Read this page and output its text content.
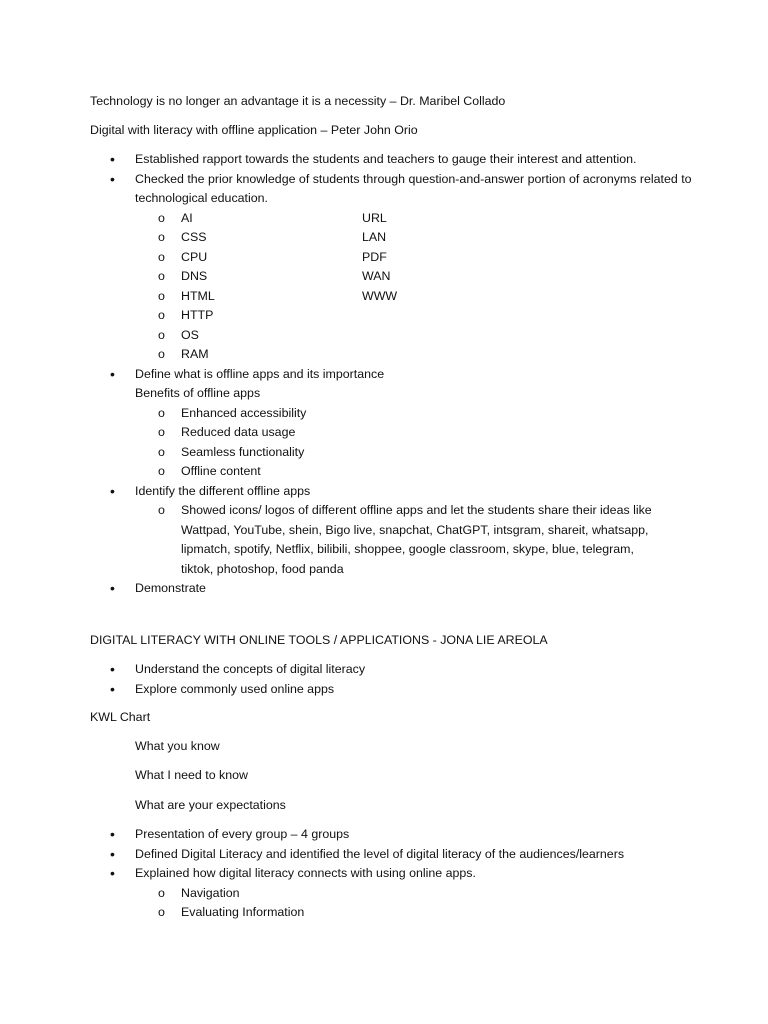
Technology is no longer an advantage it is a necessity – Dr. Maribel Collado

Digital with literacy with offline application – Peter John Orio

• Established rapport towards the students and teachers to gauge their interest and attention.
• Checked the prior knowledge of students through question-and-answer portion of acronyms related to technological education.
o AI	URL
o CSS	LAN
o CPU	PDF
o DNS	WAN
o HTML	WWW
o HTTP
o OS
o RAM
• Define what is offline apps and its importance
Benefits of offline apps
o Enhanced accessibility
o Reduced data usage
o Seamless functionality
o Offline content
• Identify the different offline apps
o Showed icons/ logos of different offline apps and let the students share their ideas like Wattpad, YouTube, shein, Bigo live, snapchat, ChatGPT, intsgram, shareit, whatsapp, lipmatch, spotify, Netflix, bilibili, shoppee, google classroom, skype, blue, telegram, tiktok, photoshop, food panda
• Demonstrate

DIGITAL LITERACY WITH ONLINE TOOLS / APPLICATIONS - JONA LIE AREOLA

• Understand the concepts of digital literacy
• Explore commonly used online apps

KWL Chart

What you know

What I need to know

What are your expectations

• Presentation of every group – 4 groups
• Defined Digital Literacy and identified the level of digital literacy of the audiences/learners
• Explained how digital literacy connects with using online apps.
o Navigation
o Evaluating Information
